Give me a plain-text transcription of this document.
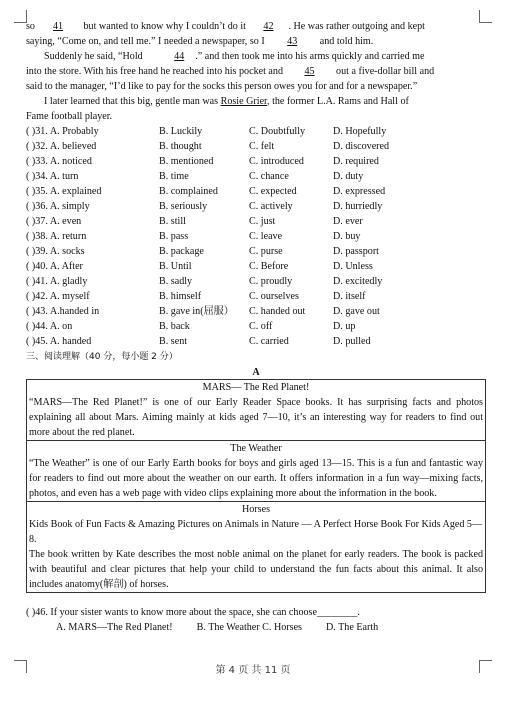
so 41 but wanted to know why I couldn’t do it 42 . He was rather outgoing and kept

saying, “Come on, and tell me.” I needed a newspaper, so I 43 and told him.

Suddenly he said, “Hold	44 .” and then took me into his arms quickly and carried me

into the store. With his free hand he reached into his pocket and 45 out a five-dollar bill and

said to the manager, “I’d like to pay for the socks this person owes you for and for a newspaper.”

I later learned that this big, gentle man was Rosie Grier, the former L.A. Rams and Hall of

Fame football player.

( )31. A. Probably	B. Luckily	C. Doubtfully	D. Hopefully
( )32. A. believed	B. thought	C. felt	D. discovered
( )33. A. noticed	B. mentioned	C. introduced	D. required
( )34. A. turn	B. time	C. chance	D. duty
( )35. A. explained	B. complained	C. expected	D. expressed
( )36. A. simply	B. seriously	C. actively	D. hurriedly
( )37. A. even	B. still	C. just	D. ever
( )38. A. return	B. pass	C. leave	D. buy
( )39. A. socks	B. package	C. purse	D. passport
( )40. A. After	B. Until	C. Before	D. Unless
( )41. A. gladly	B. sadly	C. proudly	D. excitedly
( )42. A. myself	B. himself	C. ourselves	D. itself
( )43. A.handed in	B. gave in(屈服）	C. handed out	D. gave out
( )44. A. on	B. back	C. off	D. up
( )45. A. handed	B. sent	C. carried	D. pulled
三、阅读理解（40 分，每小题 2 分）
A
MARS— The Red Planet!
“MARS—The Red Planet!” is one of our Early Reader Space books. It has surprising facts and photos explaining all about Mars. Aiming mainly at kids aged 7—10, it’s an interesting way for readers to find out more about the red planet.
The Weather
“The Weather” is one of our Early Earth books for boys and girls aged 13—15. This is a fun and fantastic way for readers to find out more about the weather on our earth. It offers information in a fun way—mixing facts, photos, and even has a web page with video clips explaining more about the information in the book.
Horses
Kids Book of Fun Facts & Amazing Pictures on Animals in Nature — A Perfect Horse Book For Kids Aged 5—8.
The book written by Kate describes the most noble animal on the planet for early readers. The book is packed with beautiful and clear pictures that help your child to understand the fun facts about this animal. It also includes anatomy(解剖) of horses.
( )46. If your sister wants to know more about the space, she can choose________.
A. MARS—The Red Planet! B. The Weather C. Horses D. The Earth
第 4 页 共 11 页
